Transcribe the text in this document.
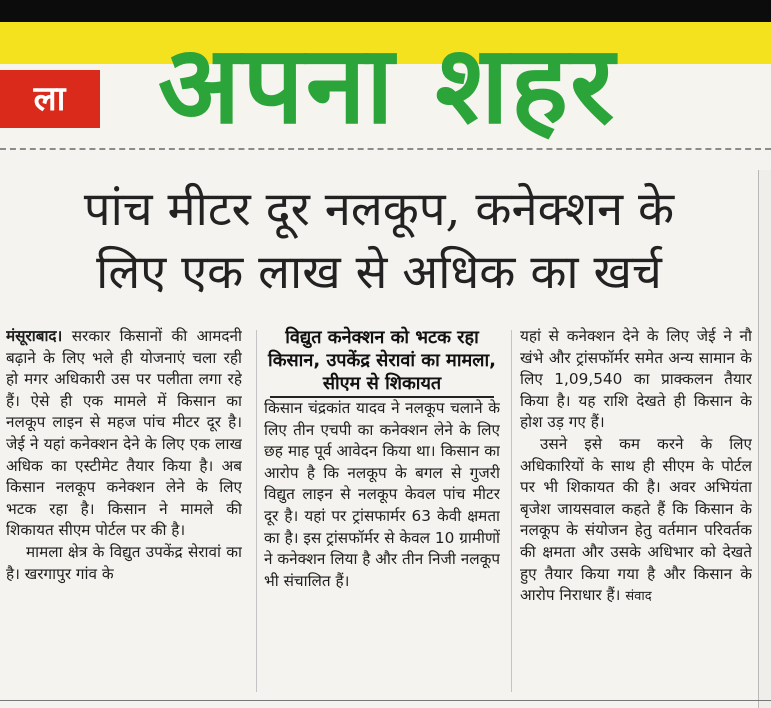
ला अपना शहर
पांच मीटर दूर नलकूप, कनेक्शन के
लिए एक लाख से अधिक का खर्च

मंसूराबाद। सरकार किसानों की आमदनी बढ़ाने के लिए भले ही योजनाएं चला रही हो मगर अधिकारी उस पर पलीता लगा रहे हैं। ऐसे ही एक मामले में किसान का नलकूप लाइन से महज पांच मीटर दूर है। जेई ने यहां कनेक्शन देने के लिए एक लाख अधिक का एस्टीमेट तैयार किया है। अब किसान नलकूप कनेक्शन लेने के लिए भटक रहा है। किसान ने मामले की शिकायत सीएम पोर्टल पर की है।

मामला क्षेत्र के विद्युत उपकेंद्र सेरावां का है। खरगापुर गांव के

विद्युत कनेक्शन को भटक रहा किसान, उपकेंद्र सेरावां का मामला, सीएम से शिकायत

किसान चंद्रकांत यादव ने नलकूप चलाने के लिए तीन एचपी का कनेक्शन लेने के लिए छह माह पूर्व आवेदन किया था। किसान का आरोप है कि नलकूप के बगल से गुजरी विद्युत लाइन से नलकूप केवल पांच मीटर दूर है। यहां पर ट्रांसफार्मर 63 केवी क्षमता का है। इस ट्रांसफॉर्मर से केवल 10 ग्रामीणों ने कनेक्शन लिया है और तीन निजी नलकूप भी संचालित हैं।

यहां से कनेक्शन देने के लिए जेई ने नौ खंभे और ट्रांसफॉर्मर समेत अन्य सामान के लिए 1,09,540 का प्राक्कलन तैयार किया है। यह राशि देखते ही किसान के होश उड़ गए हैं।

उसने इसे कम करने के लिए अधिकारियों के साथ ही सीएम के पोर्टल पर भी शिकायत की है। अवर अभियंता बृजेश जायसवाल कहते हैं कि किसान के नलकूप के संयोजन हेतु वर्तमान परिवर्तक की क्षमता और उसके अधिभार को देखते हुए तैयार किया गया है और किसान के आरोप निराधार हैं। संवाद
